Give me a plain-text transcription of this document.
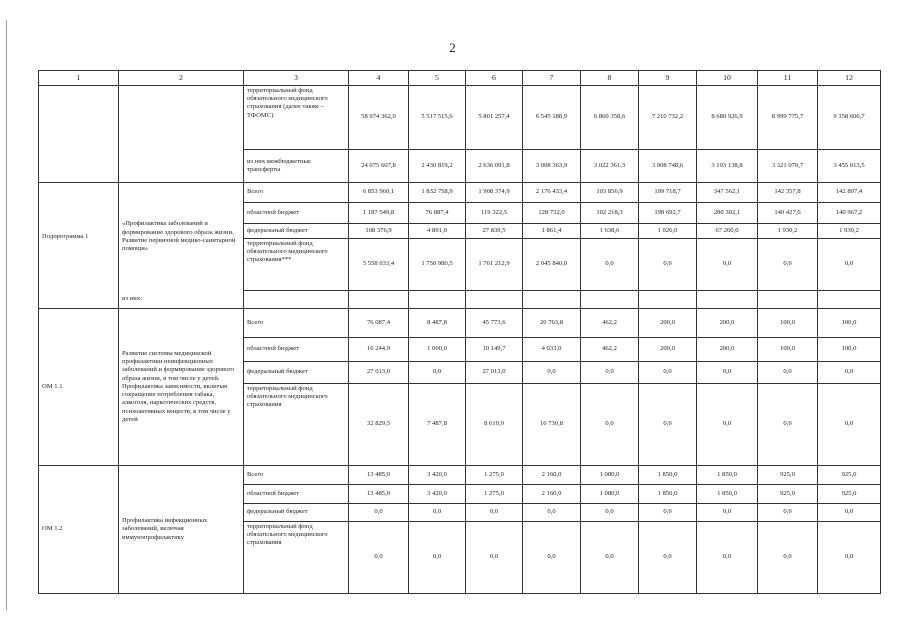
2
1	2	3	4	5	6	7	8	9	10	11	12
		территориальный фонд обязательного медицинского страхования (далее также – ТФОМС)	58 974 362,0	5 517 515,6	5 801 257,4	6 545 188,9	6 860 358,6	7 210 732,2	8 680 926,9	8 999 775,7	9 358 606,7
		из них межбюджетные трансферты	24 075 607,8	2 430 819,2	2 636 091,8	3 008 363,9	3 022 361,3	3 008 748,6	3 193 138,8	3 321 070,7	3 455 013,5
Подпрограмма 1	«Профилактика заболеваний и формирование здорового образа жизни. Развитие первичной медико-санитарной помощи»	Всего	6 853 960,1	1 832 758,9	1 908 374,9	2 176 433,4	103 856,9	199 718,7	347 562,1	142 357,8	142 897,4
		областной бюджет	1 187 549,8	76 887,4	119 322,5	128 732,0	102 218,3	198 692,7	280 302,1	140 427,6	140 967,2
		федеральный бюджет	108 376,9	4 891,0	27 839,5	1 861,4	1 638,6	1 026,0	67 260,0	1 930,2	1 930,2
		территориальный фонд обязательного медицинского страхования***	5 558 033,4	1 750 980,5	1 761 212,9	2 045 840,0	0,0	0,0	0,0	0,0	0,0
	из них:										
ОМ 1.1	Развитие системы медицинской профилактики неинфекционных заболеваний и формирование здорового образа жизни, в том числе у детей. Профилактика зависимости, включая сокращение потребления табака, алкоголя, наркотических средств, психоактивных веществ, в том числе у детей	Всего	76 087,4	8 487,8	45 773,6	20 763,8	462,2	200,0	200,0	100,0	100,0
		областной бюджет	16 244,9	1 000,0	10 149,7	4 033,0	462,2	200,0	200,0	100,0	100,0
		федеральный бюджет	27 013,0	0,0	27 013,0	0,0	0,0	0,0	0,0	0,0	0,0
		территориальный фонд обязательного медицинского страхования	32 829,5	7 487,8	8 610,9	16 730,8	0,0	0,0	0,0	0,0	0,0
ОМ 1.2	Профилактика инфекционных заболеваний, включая иммунопрофилактику	Всего	13 485,0	3 420,0	1 275,0	2 160,0	1 080,0	1 850,0	1 850,0	925,0	925,0
		областной бюджет	13 485,0	3 420,0	1 275,0	2 160,0	1 080,0	1 850,0	1 850,0	925,0	925,0
		федеральный бюджет	0,0	0,0	0,0	0,0	0,0	0,0	0,0	0,0	0,0
		территориальный фонд обязательного медицинского страхования	0,0	0,0	0,0	0,0	0,0	0,0	0,0	0,0	0,0
